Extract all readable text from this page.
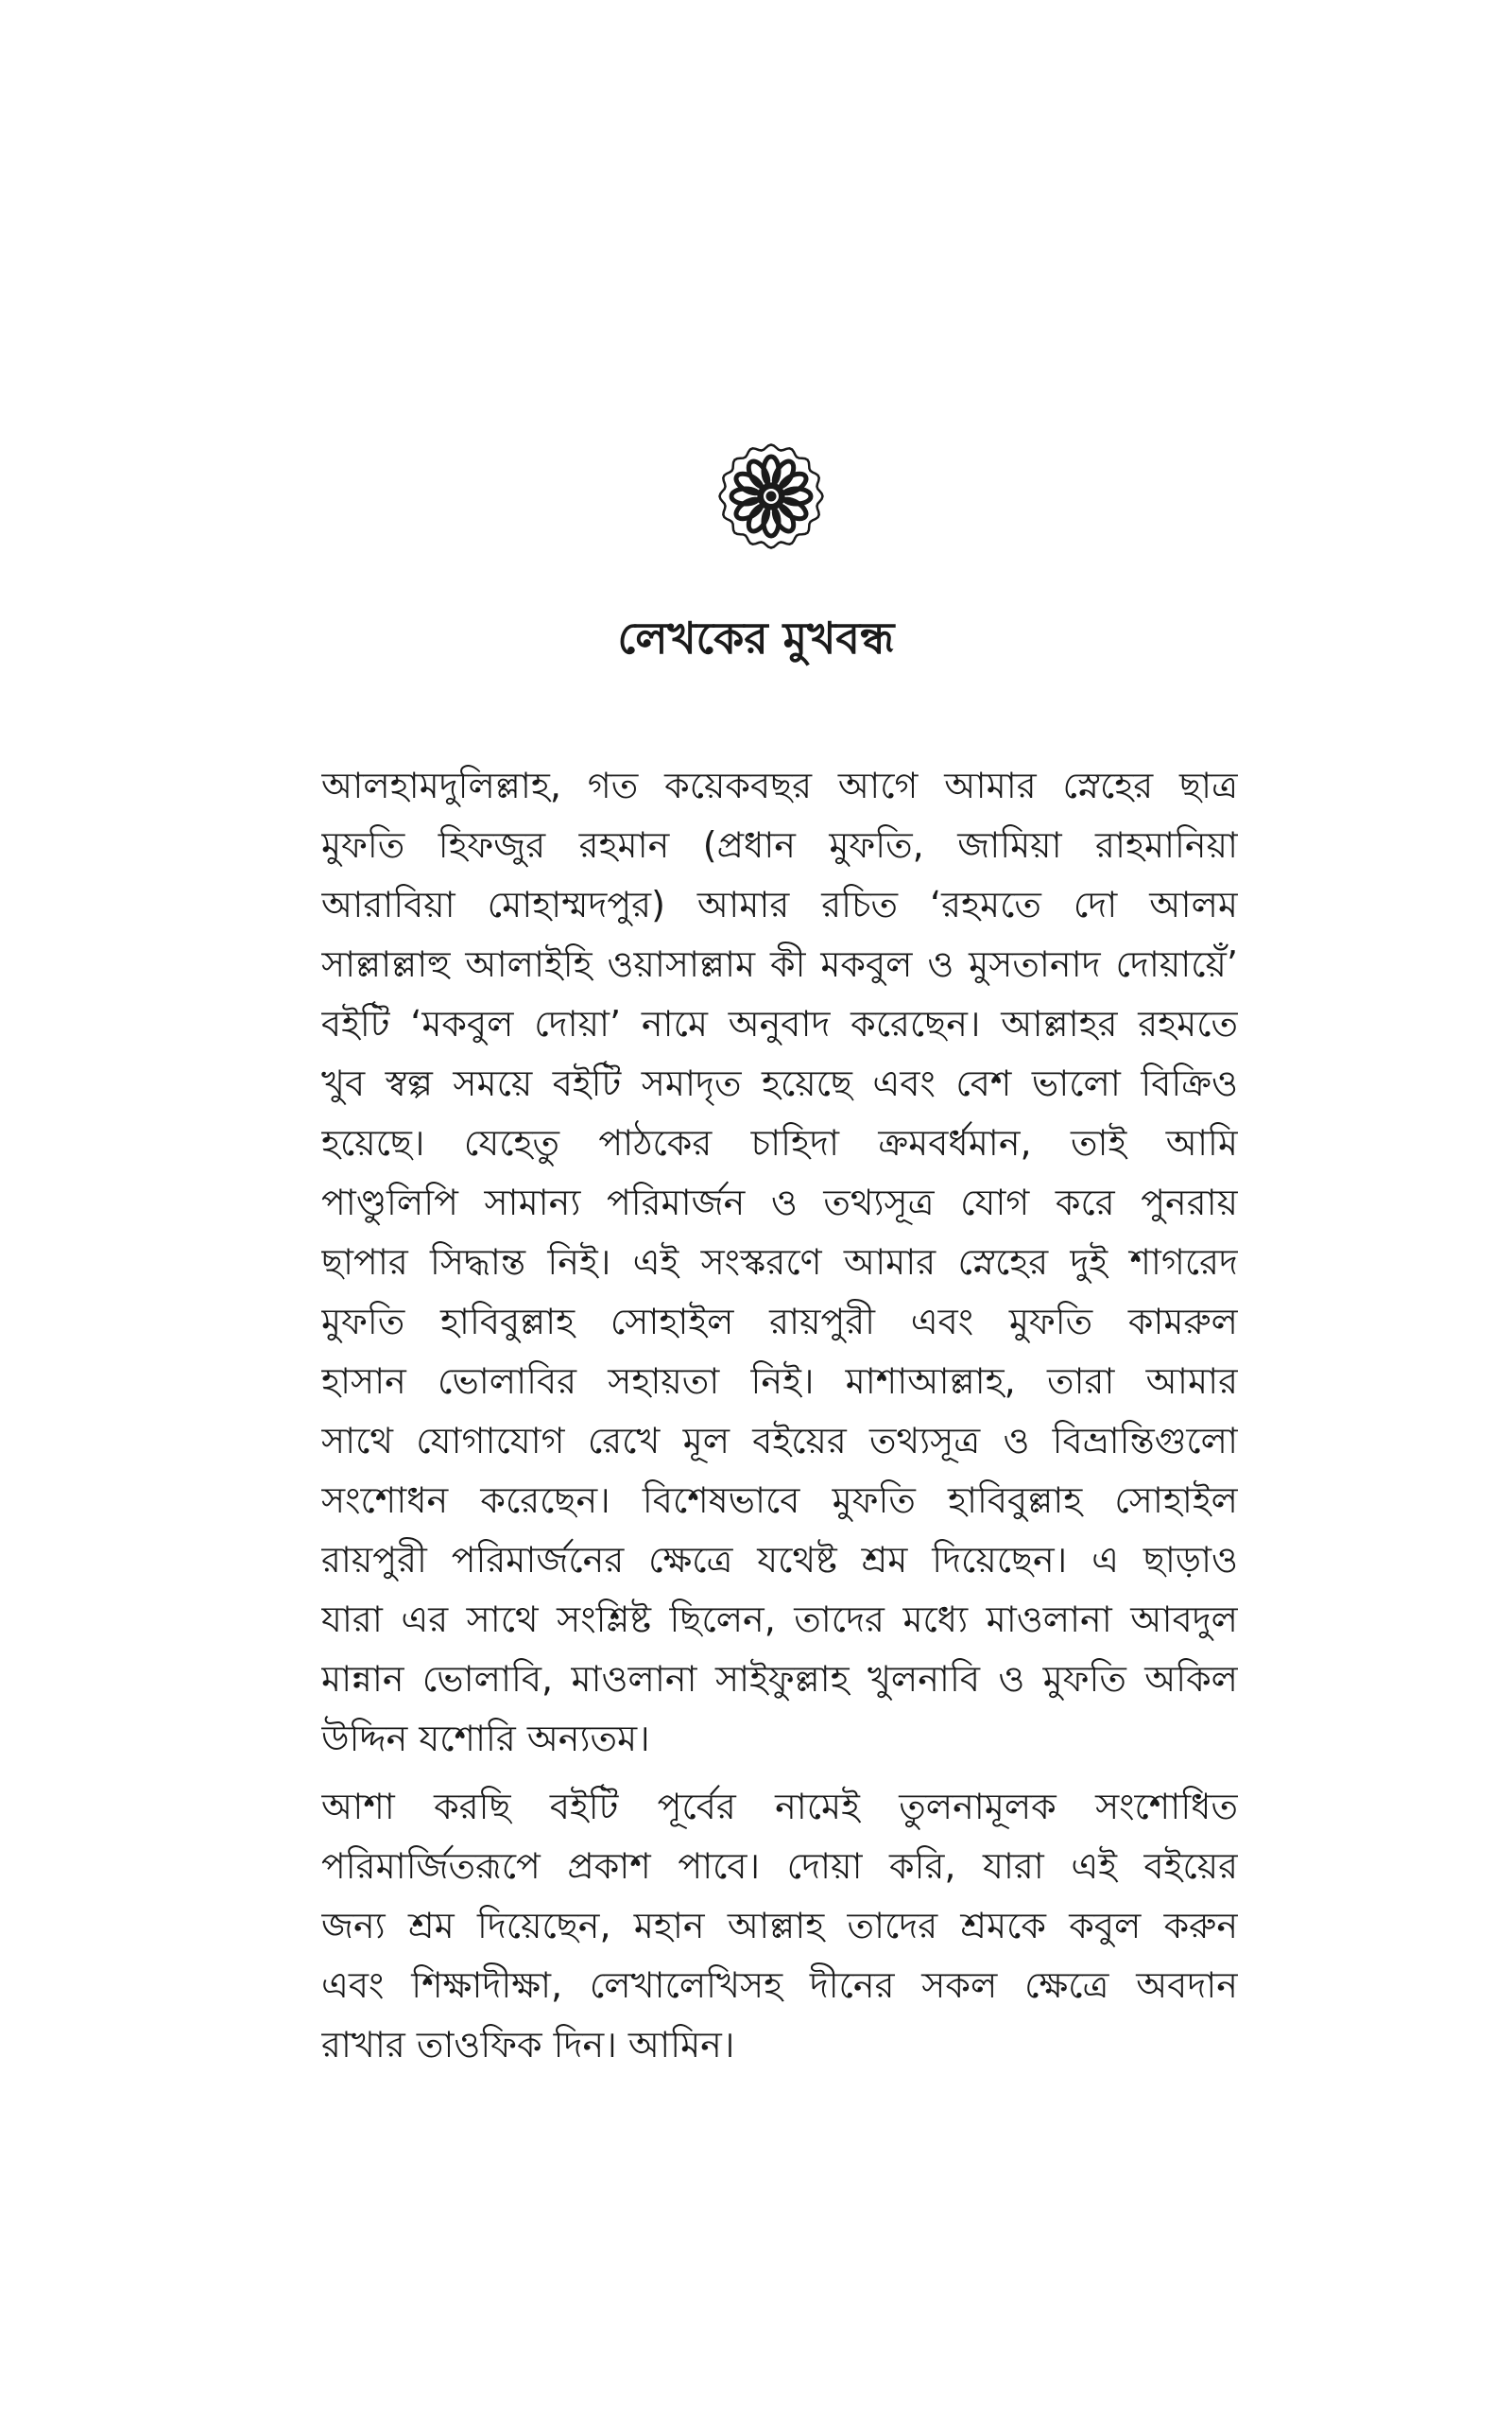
লেখকের মুখবন্ধ
আলহামদুলিল্লাহ, গত কয়েকবছর আগে আমার স্নেহের ছাত্র
মুফতি হিফজুর রহমান (প্রধান মুফতি, জামিয়া রাহমানিয়া
আরাবিয়া মোহাম্মদপুর) আমার রচিত ‘রহমতে দো আলম
সাল্লাল্লাহু আলাইহি ওয়াসাল্লাম কী মকবুল ও মুসতানাদ দোয়ায়েঁ’
বইটি ‘মকবুল দোয়া’ নামে অনুবাদ করেছেন। আল্লাহর রহমতে
খুব স্বল্প সময়ে বইটি সমাদৃত হয়েছে এবং বেশ ভালো বিক্রিও
হয়েছে। যেহেতু পাঠকের চাহিদা ক্রমবর্ধমান, তাই আমি
পাণ্ডুলিপি সামান্য পরিমার্জন ও তথ্যসূত্র যোগ করে পুনরায়
ছাপার সিদ্ধান্ত নিই। এই সংস্করণে আমার স্নেহের দুই শাগরেদ
মুফতি হাবিবুল্লাহ সোহাইল রায়পুরী এবং মুফতি কামরুল
হাসান ভোলাবির সহায়তা নিই। মাশাআল্লাহ, তারা আমার
সাথে যোগাযোগ রেখে মূল বইয়ের তথ্যসূত্র ও বিভ্রান্তিগুলো
সংশোধন করেছেন। বিশেষভাবে মুফতি হাবিবুল্লাহ সোহাইল
রায়পুরী পরিমার্জনের ক্ষেত্রে যথেষ্ট শ্রম দিয়েছেন। এ ছাড়াও
যারা এর সাথে সংশ্লিষ্ট ছিলেন, তাদের মধ্যে মাওলানা আবদুল
মান্নান ভোলাবি, মাওলানা সাইফুল্লাহ খুলনাবি ও মুফতি অকিল
উদ্দিন যশোরি অন্যতম।
আশা করছি বইটি পূর্বের নামেই তুলনামূলক সংশোধিত
পরিমার্জিতরূপে প্রকাশ পাবে। দোয়া করি, যারা এই বইয়ের
জন্য শ্রম দিয়েছেন, মহান আল্লাহ তাদের শ্রমকে কবুল করুন
এবং শিক্ষাদীক্ষা, লেখালেখিসহ দীনের সকল ক্ষেত্রে অবদান
রাখার তাওফিক দিন। আমিন।
